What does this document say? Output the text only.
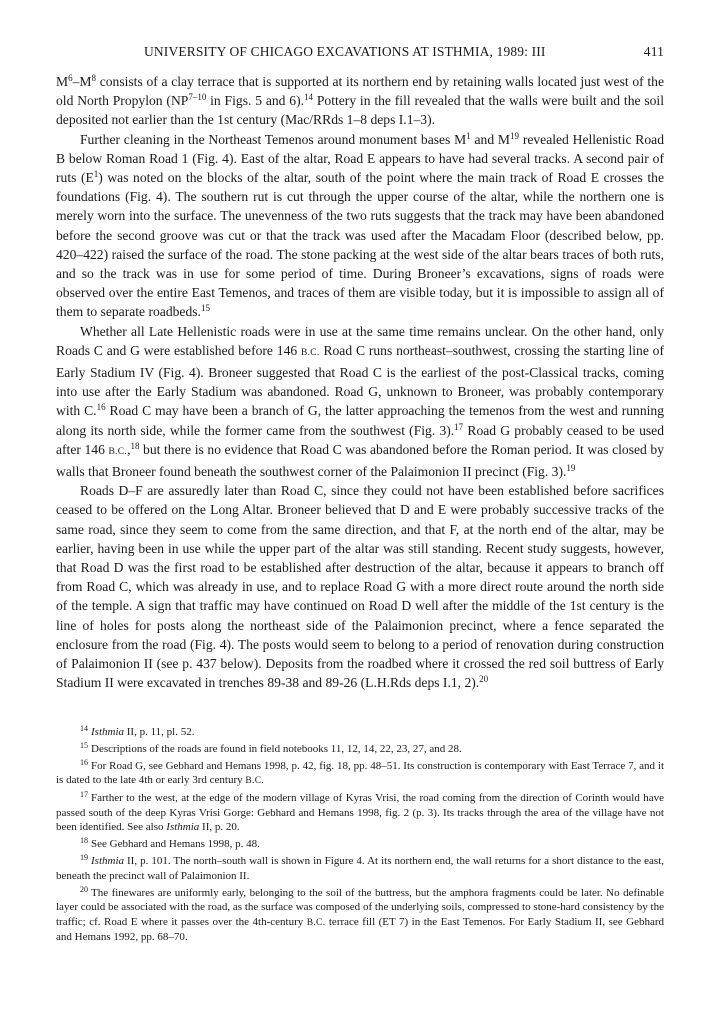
UNIVERSITY OF CHICAGO EXCAVATIONS AT ISTHMIA, 1989: III	411

$M^6-M^8$ consists of a clay terrace that is supported at its northern end by retaining walls located just west of the old North Propylon (NP$^{7-10}$ in Figs. 5 and 6).$^{14}$ Pottery in the fill revealed that the walls were built and the soil deposited not earlier than the 1st century (Mac/RRds 1–8 deps I.1–3).

Further cleaning in the Northeast Temenos around monument bases $M^1$ and $M^{19}$ revealed Hellenistic Road B below Roman Road 1 (Fig. 4). East of the altar, Road E appears to have had several tracks. A second pair of ruts $(E^1)$ was noted on the blocks of the altar, south of the point where the main track of Road E crosses the foundations (Fig. 4). The southern rut is cut through the upper course of the altar, while the northern one is merely worn into the surface. The unevenness of the two ruts suggests that the track may have been abandoned before the second groove was cut or that the track was used after the Macadam Floor (described below, pp. 420–422) raised the surface of the road. The stone packing at the west side of the altar bears traces of both ruts, and so the track was in use for some period of time. During Broneer’s excavations, signs of roads were observed over the entire East Temenos, and traces of them are visible today, but it is impossible to assign all of them to separate roadbeds.$^{15}$

Whether all Late Hellenistic roads were in use at the same time remains unclear. On the other hand, only Roads C and G were established before 146 B.C. Road C runs northeast–southwest, crossing the starting line of Early Stadium IV (Fig. 4). Broneer suggested that Road C is the earliest of the post-Classical tracks, coming into use after the Early Stadium was abandoned. Road G, unknown to Broneer, was probably contemporary with C.$^{16}$ Road C may have been a branch of G, the latter approaching the temenos from the west and running along its north side, while the former came from the southwest (Fig. 3).$^{17}$ Road G probably ceased to be used after 146 B.C.,$^{18}$ but there is no evidence that Road C was abandoned before the Roman period. It was closed by walls that Broneer found beneath the southwest corner of the Palaimonion II precinct (Fig. 3).$^{19}$

Roads D–F are assuredly later than Road C, since they could not have been established before sacrifices ceased to be offered on the Long Altar. Broneer believed that D and E were probably successive tracks of the same road, since they seem to come from the same direction, and that F, at the north end of the altar, may be earlier, having been in use while the upper part of the altar was still standing. Recent study suggests, however, that Road D was the first road to be established after destruction of the altar, because it appears to branch off from Road C, which was already in use, and to replace Road G with a more direct route around the north side of the temple. A sign that traffic may have continued on Road D well after the middle of the 1st century is the line of holes for posts along the northeast side of the Palaimonion precinct, where a fence separated the enclosure from the road (Fig. 4). The posts would seem to belong to a period of renovation during construction of Palaimonion II (see p. 437 below). Deposits from the roadbed where it crossed the red soil buttress of Early Stadium II were excavated in trenches 89-38 and 89-26 (L.H.Rds deps I.1, 2).$^{20}$

$^{14}$ Isthmia II, p. 11, pl. 52.

$^{15}$ Descriptions of the roads are found in field notebooks 11, 12, 14, 22, 23, 27, and 28.

$^{16}$ For Road G, see Gebhard and Hemans 1998, p. 42, fig. 18, pp. 48–51. Its construction is contemporary with East Terrace 7, and it is dated to the late 4th or early 3rd century B.C.

$^{17}$ Farther to the west, at the edge of the modern village of Kyras Vrisi, the road coming from the direction of Corinth would have passed south of the deep Kyras Vrisi Gorge: Gebhard and Hemans 1998, fig. 2 (p. 3). Its tracks through the area of the village have not been identified. See also Isthmia II, p. 20.

$^{18}$ See Gebhard and Hemans 1998, p. 48.

$^{19}$ Isthmia II, p. 101. The north–south wall is shown in Figure 4. At its northern end, the wall returns for a short distance to the east, beneath the precinct wall of Palaimonion II.

$^{20}$ The finewares are uniformly early, belonging to the soil of the buttress, but the amphora fragments could be later. No definable layer could be associated with the road, as the surface was composed of the underlying soils, compressed to stone-hard consistency by the traffic; cf. Road E where it passes over the 4th-century B.C. terrace fill (ET 7) in the East Temenos. For Early Stadium II, see Gebhard and Hemans 1992, pp. 68–70.
